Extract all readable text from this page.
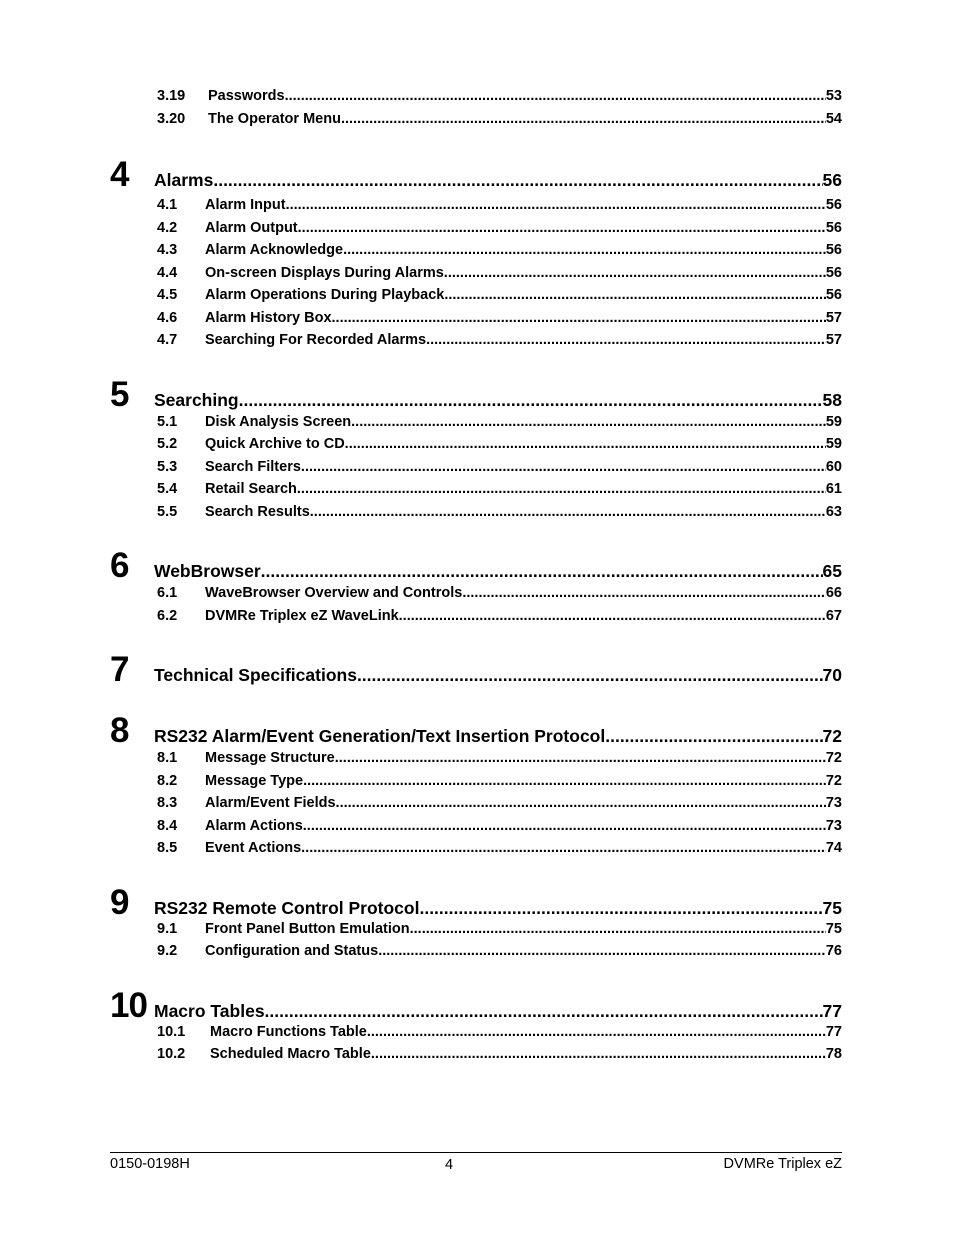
3.19	Passwords .....	53
3.20	The Operator Menu .....	54
4	Alarms .....	56
4.1	Alarm Input .....	56
4.2	Alarm Output .....	56
4.3	Alarm Acknowledge .....	56
4.4	On-screen Displays During Alarms .....	56
4.5	Alarm Operations During Playback .....	56
4.6	Alarm History Box .....	57
4.7	Searching For Recorded Alarms .....	57
5	Searching .....	58
5.1	Disk Analysis Screen .....	59
5.2	Quick Archive to CD .....	59
5.3	Search Filters .....	60
5.4	Retail Search .....	61
5.5	Search Results .....	63
6	WebBrowser .....	65
6.1	WaveBrowser Overview and Controls .....	66
6.2	DVMRe Triplex eZ WaveLink .....	67
7	Technical Specifications .....	70
8	RS232 Alarm/Event Generation/Text Insertion Protocol .....	72
8.1	Message Structure .....	72
8.2	Message Type .....	72
8.3	Alarm/Event Fields .....	73
8.4	Alarm Actions .....	73
8.5	Event Actions .....	74
9	RS232 Remote Control Protocol .....	75
9.1	Front Panel Button Emulation .....	75
9.2	Configuration and Status .....	76
10 Macro Tables .....	77
10.1	Macro Functions Table .....	77
10.2	Scheduled Macro Table .....	78
0150-0198H	4	DVMRe Triplex eZ
